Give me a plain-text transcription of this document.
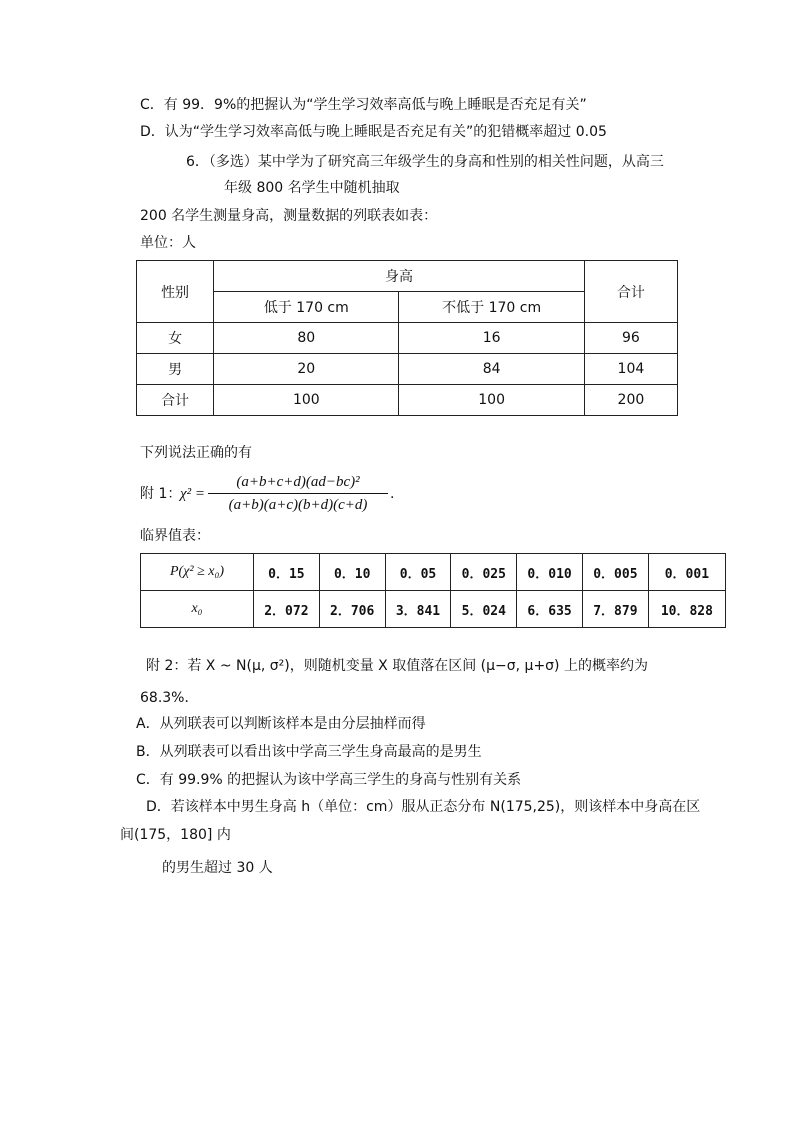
C．有 99．9%的把握认为“学生学习效率高低与晚上睡眠是否充足有关”
D．认为“学生学习效率高低与晚上睡眠是否充足有关”的犯错概率超过 0.05
6．（多选）某中学为了研究高三年级学生的身高和性别的相关性问题，从高三
年级 800 名学生中随机抽取
200 名学生测量身高，测量数据的列联表如表：
单位：人
性别	身高		合计
	低于 170 cm	不低于 170 cm	
女	80	16	96
男	20	84	104
合计	100	100	200
下列说法正确的有
附 1：
χ² =
(a+b+c+d)(ad−bc)²
(a+b)(a+c)(b+d)(c+d)
.
临界值表：
P(χ² ≥ x₀)	0．15	0．10	0．05	0．025	0．010	0．005	0．001
x₀	2．072	2．706	3．841	5．024	6．635	7．879	10．828
附 2：若 X ~ N(μ, σ²)，则随机变量 X 取值落在区间 (μ−σ, μ+σ) 上的概率约为
68.3%．
A．从列联表可以判断该样本是由分层抽样而得
B．从列联表可以看出该中学高三学生身高最高的是男生
C．有 99.9% 的把握认为该中学高三学生的身高与性别有关系
D．若该样本中男生身高 h（单位：cm）服从正态分布 N(175,25)，则该样本中身高在区
间(175，180] 内
的男生超过 30 人
